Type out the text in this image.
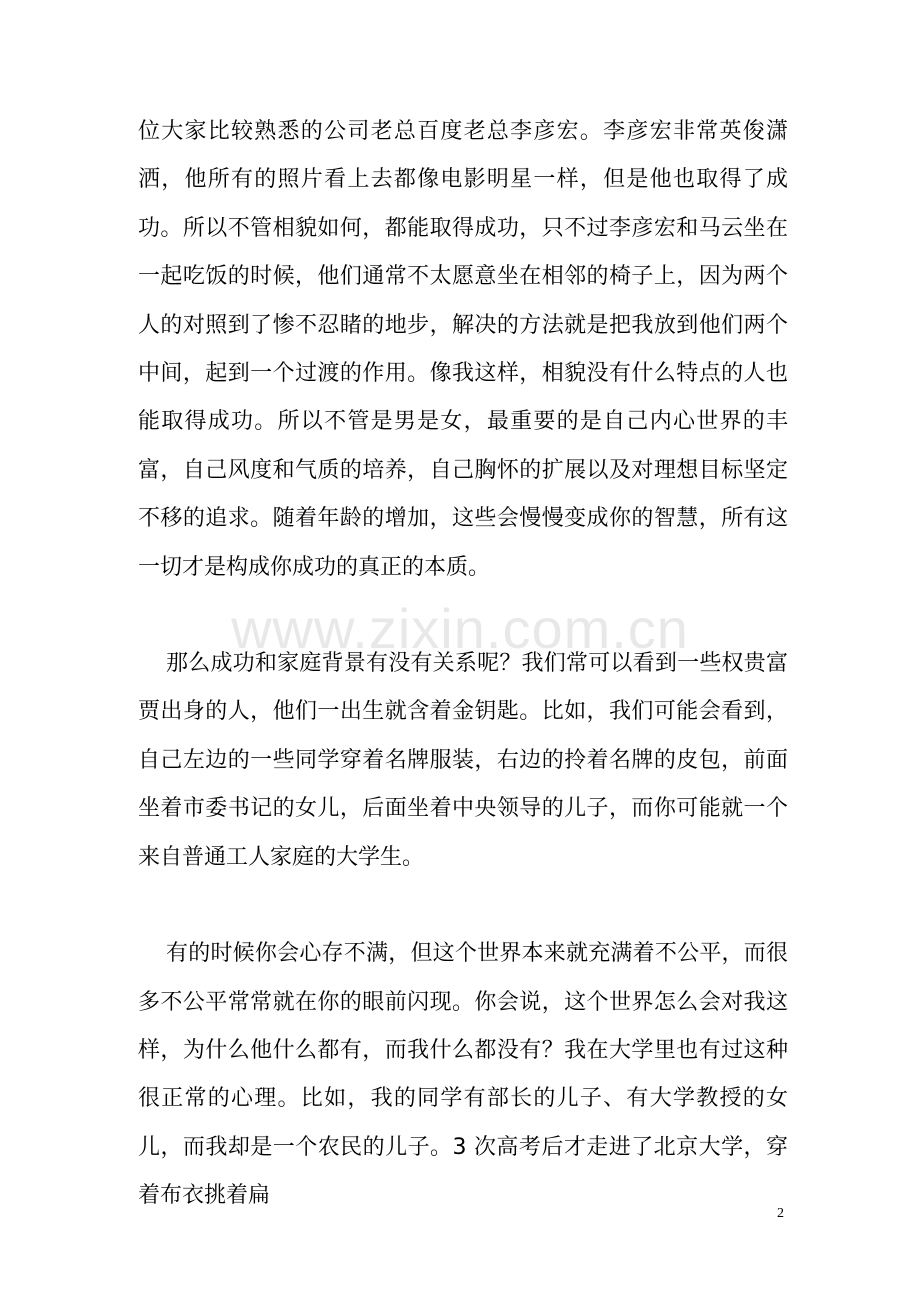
位大家比较熟悉的公司老总百度老总李彦宏。李彦宏非常英俊潇洒，他所有的照片看上去都像电影明星一样，但是他也取得了成功。所以不管相貌如何，都能取得成功，只不过李彦宏和马云坐在一起吃饭的时候，他们通常不太愿意坐在相邻的椅子上，因为两个人的对照到了惨不忍睹的地步，解决的方法就是把我放到他们两个中间，起到一个过渡的作用。像我这样，相貌没有什么特点的人也能取得成功。所以不管是男是女，最重要的是自己内心世界的丰富，自己风度和气质的培养，自己胸怀的扩展以及对理想目标坚定不移的追求。随着年龄的增加，这些会慢慢变成你的智慧，所有这一切才是构成你成功的真正的本质。

那么成功和家庭背景有没有关系呢？我们常可以看到一些权贵富贾出身的人，他们一出生就含着金钥匙。比如，我们可能会看到，自己左边的一些同学穿着名牌服装，右边的拎着名牌的皮包，前面坐着市委书记的女儿，后面坐着中央领导的儿子，而你可能就一个来自普通工人家庭的大学生。

有的时候你会心存不满，但这个世界本来就充满着不公平，而很多不公平常常就在你的眼前闪现。你会说，这个世界怎么会对我这样，为什么他什么都有，而我什么都没有？我在大学里也有过这种很正常的心理。比如，我的同学有部长的儿子、有大学教授的女儿，而我却是一个农民的儿子。3 次高考后才走进了北京大学，穿着布衣挑着扁

www.zixin.com.cn
2
